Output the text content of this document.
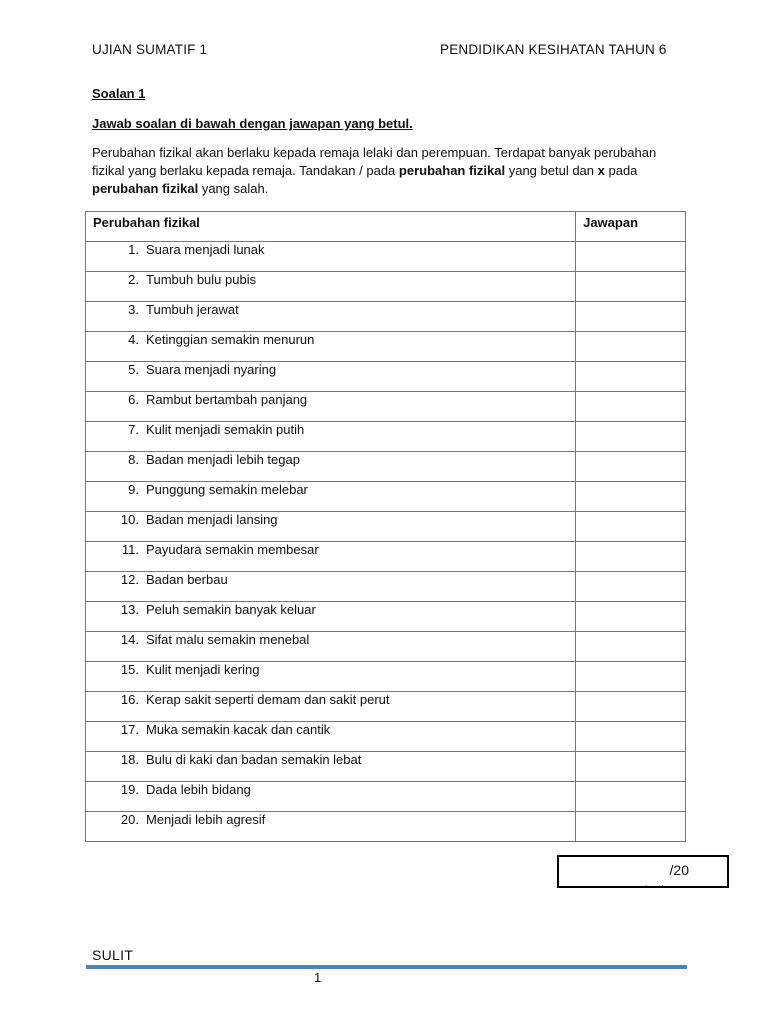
UJIAN SUMATIF 1	PENDIDIKAN KESIHATAN TAHUN 6
Soalan 1
Jawab soalan di bawah dengan jawapan yang betul.
Perubahan fizikal akan berlaku kepada remaja lelaki dan perempuan. Terdapat banyak perubahan fizikal yang berlaku kepada remaja. Tandakan / pada perubahan fizikal yang betul dan x pada perubahan fizikal yang salah.
Perubahan fizikal	Jawapan
1. Suara menjadi lunak	
2. Tumbuh bulu pubis	
3. Tumbuh jerawat	
4. Ketinggian semakin menurun	
5. Suara menjadi nyaring	
6. Rambut bertambah panjang	
7. Kulit menjadi semakin putih	
8. Badan menjadi lebih tegap	
9. Punggung semakin melebar	
10. Badan menjadi lansing	
11. Payudara semakin membesar	
12. Badan berbau	
13. Peluh semakin banyak keluar	
14. Sifat malu semakin menebal	
15. Kulit menjadi kering	
16. Kerap sakit seperti demam dan sakit perut	
17. Muka semakin kacak dan cantik	
18. Bulu di kaki dan badan semakin lebat	
19. Dada lebih bidang	
20. Menjadi lebih agresif	
. .
/20
SULIT
1
